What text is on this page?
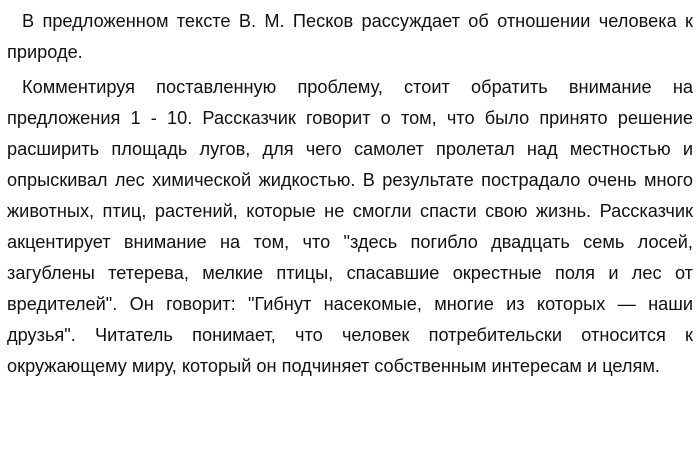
В предложенном тексте В. М. Песков рассуждает об отношении человека к природе.

Комментируя поставленную проблему, стоит обратить внимание на предложения 1 - 10. Рассказчик говорит о том, что было принято решение расширить площадь лугов, для чего самолет пролетал над местностью и опрыскивал лес химической жидкостью. В результате пострадало очень много животных, птиц, растений, которые не смогли спасти свою жизнь. Рассказчик акцентирует внимание на том, что "здесь погибло двадцать семь лосей, загублены тетерева, мелкие птицы, спасавшие окрестные поля и лес от вредителей". Он говорит: "Гибнут насекомые, многие из которых — наши друзья". Читатель понимает, что человек потребительски относится к окружающему миру, который он подчиняет собственным интересам и целям.
